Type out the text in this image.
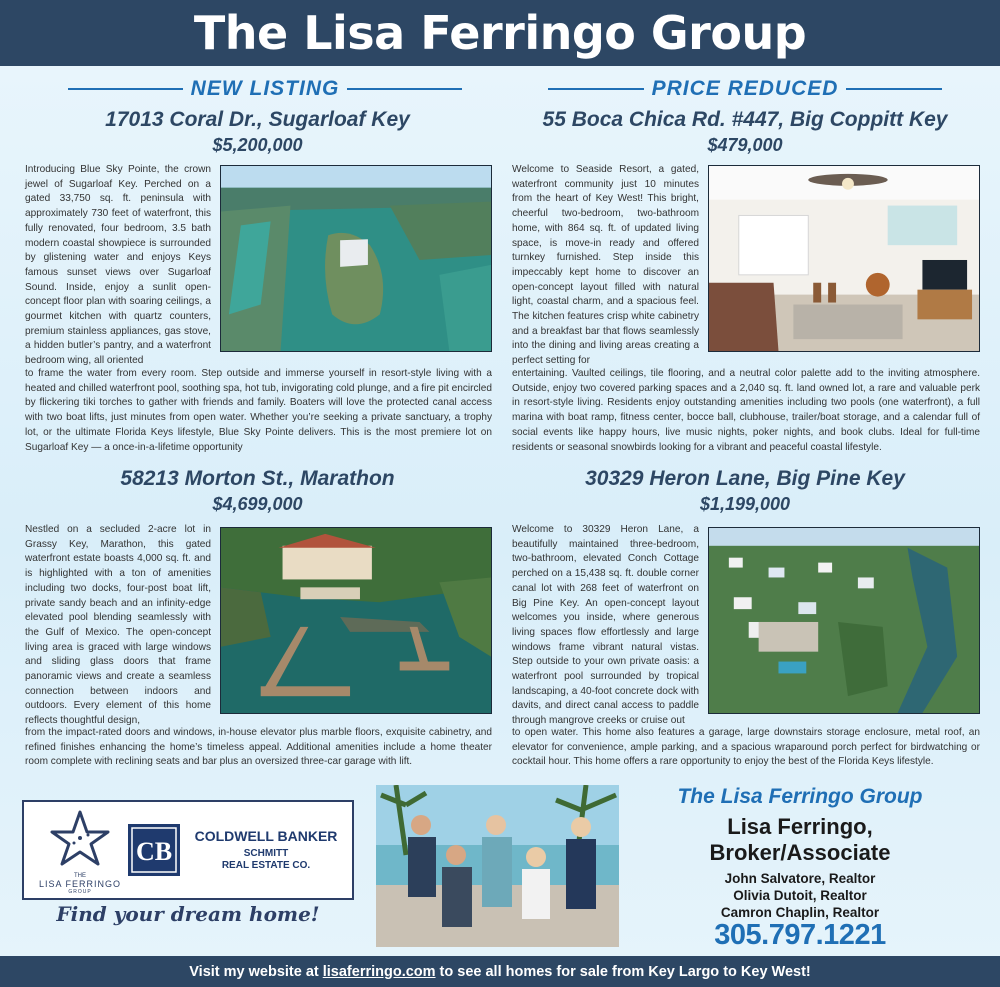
The Lisa Ferringo Group
NEW LISTING	PRICE REDUCED
17013 Coral Dr., Sugarloaf Key
$5,200,000
Introducing Blue Sky Pointe, the crown jewel of Sugarloaf Key. Perched on a gated 33,750 sq. ft. peninsula with approximately 730 feet of waterfront, this fully renovated, four bedroom, 3.5 bath modern coastal showpiece is surrounded by glistening water and enjoys Keys famous sunset views over Sugarloaf Sound. Inside, enjoy a sunlit open-concept floor plan with soaring ceilings, a gourmet kitchen with quartz counters, premium stainless appliances, gas stove, a hidden butler’s pantry, and a waterfront bedroom wing, all oriented
to frame the water from every room. Step outside and immerse yourself in resort-style living with a heated and chilled waterfront pool, soothing spa, hot tub, invigorating cold plunge, and a fire pit encircled by flickering tiki torches to gather with friends and family. Boaters will love the protected canal access with two boat lifts, just minutes from open water. Whether you’re seeking a private sanctuary, a trophy lot, or the ultimate Florida Keys lifestyle, Blue Sky Pointe delivers. This is the most premiere lot on Sugarloaf Key — a once-in-a-lifetime opportunity
55 Boca Chica Rd. #447, Big Coppitt Key
$479,000
Welcome to Seaside Resort, a gated, waterfront community just 10 minutes from the heart of Key West! This bright, cheerful two-bedroom, two-bathroom home, with 864 sq. ft. of updated living space, is move-in ready and offered turnkey furnished. Step inside this impeccably kept home to discover an open-concept layout filled with natural light, coastal charm, and a spacious feel. The kitchen features crisp white cabinetry and a breakfast bar that flows seamlessly into the dining and living areas creating a perfect setting for
entertaining. Vaulted ceilings, tile flooring, and a neutral color palette add to the inviting atmosphere. Outside, enjoy two covered parking spaces and a 2,040 sq. ft. land owned lot, a rare and valuable perk in resort-style living. Residents enjoy outstanding amenities including two pools (one waterfront), a full marina with boat ramp, fitness center, bocce ball, clubhouse, trailer/boat storage, and a calendar full of social events like happy hours, live music nights, poker nights, and book clubs. Ideal for full-time residents or seasonal snowbirds looking for a vibrant and peaceful coastal lifestyle.
58213 Morton St., Marathon
$4,699,000
Nestled on a secluded 2-acre lot in Grassy Key, Marathon, this gated waterfront estate boasts 4,000 sq. ft. and is highlighted with a ton of amenities including two docks, four-post boat lift, private sandy beach and an infinity-edge elevated pool blending seamlessly with the Gulf of Mexico. The open-concept living area is graced with large windows and sliding glass doors that frame panoramic views and create a seamless connection between indoors and outdoors. Every element of this home reflects thoughtful design,
from the impact-rated doors and windows, in-house elevator plus marble floors, exquisite cabinetry, and refined finishes enhancing the home’s timeless appeal. Additional amenities include a home theater room complete with reclining seats and bar plus an oversized three-car garage with lift.
30329 Heron Lane, Big Pine Key
$1,199,000
Welcome to 30329 Heron Lane, a beautifully maintained three-bedroom, two-bathroom, elevated Conch Cottage perched on a 15,438 sq. ft. double corner canal lot with 268 feet of waterfront on Big Pine Key. An open-concept layout welcomes you inside, where generous living spaces flow effortlessly and large windows frame vibrant natural vistas. Step outside to your own private oasis: a waterfront pool surrounded by tropical landscaping, a 40-foot concrete dock with davits, and direct canal access to paddle through mangrove creeks or cruise out
to open water. This home also features a garage, large downstairs storage enclosure, metal roof, an elevator for convenience, ample parking, and a spacious wraparound porch perfect for birdwatching or cocktail hour. This home offers a rare opportunity to enjoy the best of the Florida Keys lifestyle.
THE
LISA FERRINGO
GROUP
CB
COLDWELL BANKER
SCHMITT
REAL ESTATE CO.
Find your dream home!
The Lisa Ferringo Group
Lisa Ferringo,
Broker/Associate
John Salvatore, Realtor
Olivia Dutoit, Realtor
Camron Chaplin, Realtor
305.797.1221
Visit my website at lisaferringo.com to see all homes for sale from Key Largo to Key West!
